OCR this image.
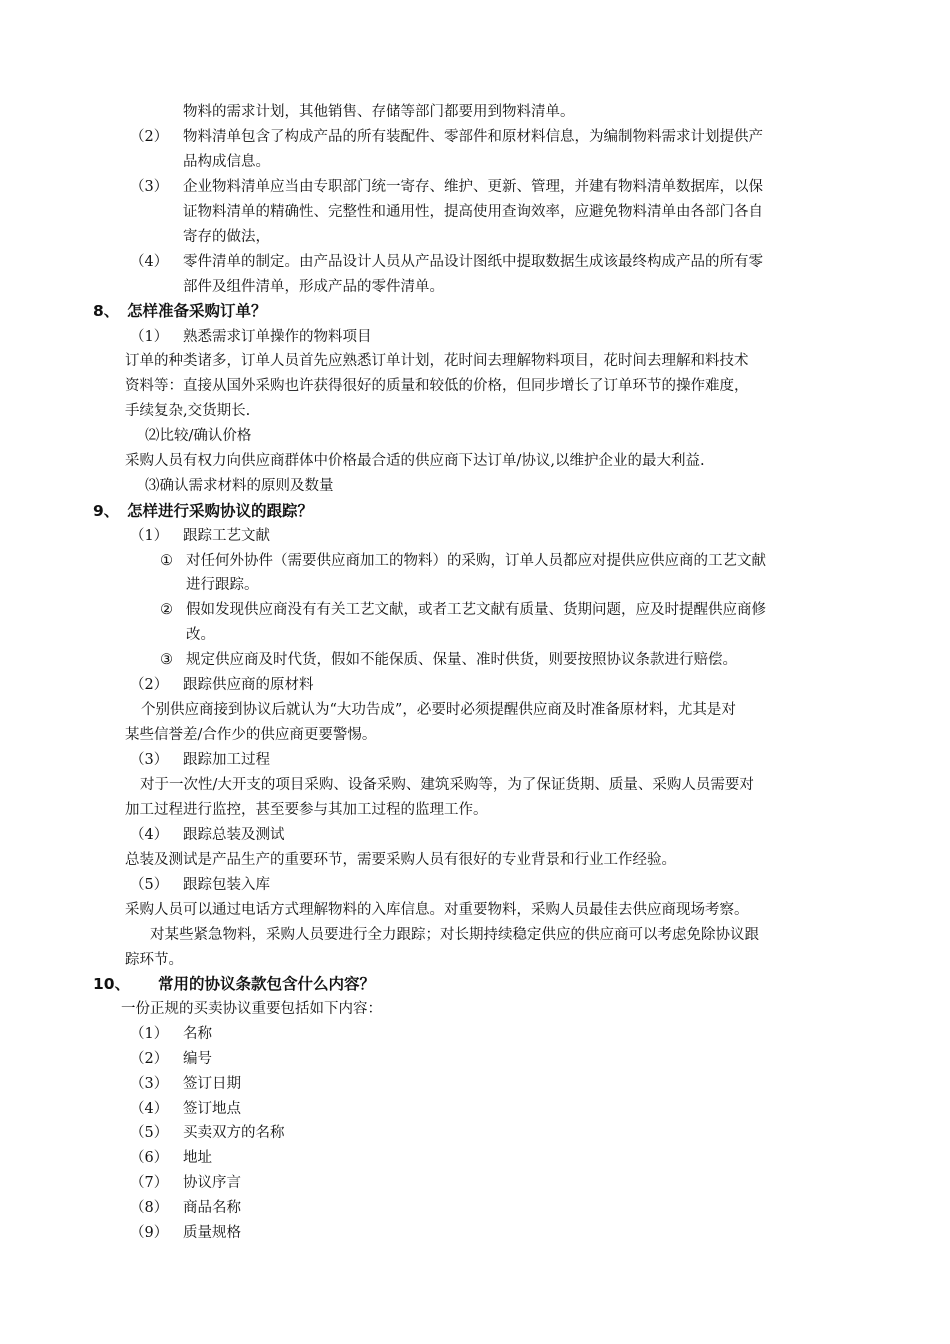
物料的需求计划，其他销售、存储等部门都要用到物料清单。
（2） 物料清单包含了构成产品的所有装配件、零部件和原材料信息，为编制物料需求计划提供产
品构成信息。
（3） 企业物料清单应当由专职部门统一寄存、维护、更新、管理，并建有物料清单数据库，以保
证物料清单的精确性、完整性和通用性，提高使用查询效率，应避免物料清单由各部门各自
寄存的做法，
（4） 零件清单的制定。由产品设计人员从产品设计图纸中提取数据生成该最终构成产品的所有零
部件及组件清单，形成产品的零件清单。
8、 怎样准备采购订单？
（1） 熟悉需求订单操作的物料项目
订单的种类诸多，订单人员首先应熟悉订单计划，花时间去理解物料项目，花时间去理解和料技术
资料等：直接从国外采购也许获得很好的质量和较低的价格，但同步增长了订单环节的操作难度，
手续复杂,交货期长.
⑵比较/确认价格
采购人员有权力向供应商群体中价格最合适的供应商下达订单/协议,以维护企业的最大利益.
⑶确认需求材料的原则及数量
9、 怎样进行采购协议的跟踪？
（1） 跟踪工艺文献
① 对任何外协件（需要供应商加工的物料）的采购，订单人员都应对提供应供应商的工艺文献
进行跟踪。
② 假如发现供应商没有有关工艺文献，或者工艺文献有质量、货期问题，应及时提醒供应商修
改。
③ 规定供应商及时代货，假如不能保质、保量、准时供货，则要按照协议条款进行赔偿。
（2） 跟踪供应商的原材料
个别供应商接到协议后就认为“大功告成”，必要时必须提醒供应商及时准备原材料，尤其是对
某些信誉差/合作少的供应商更要警惕。
（3） 跟踪加工过程
对于一次性/大开支的项目采购、设备采购、建筑采购等，为了保证货期、质量、采购人员需要对
加工过程进行监控，甚至要参与其加工过程的监理工作。
（4） 跟踪总装及测试
总装及测试是产品生产的重要环节，需要采购人员有很好的专业背景和行业工作经验。
（5） 跟踪包装入库
采购人员可以通过电话方式理解物料的入库信息。对重要物料，采购人员最佳去供应商现场考察。
对某些紧急物料，采购人员要进行全力跟踪；对长期持续稳定供应的供应商可以考虑免除协议跟
踪环节。
10、 常用的协议条款包含什么内容？
一份正规的买卖协议重要包括如下内容：
（1） 名称
（2） 编号
（3） 签订日期
（4） 签订地点
（5） 买卖双方的名称
（6） 地址
（7） 协议序言
（8） 商品名称
（9） 质量规格
